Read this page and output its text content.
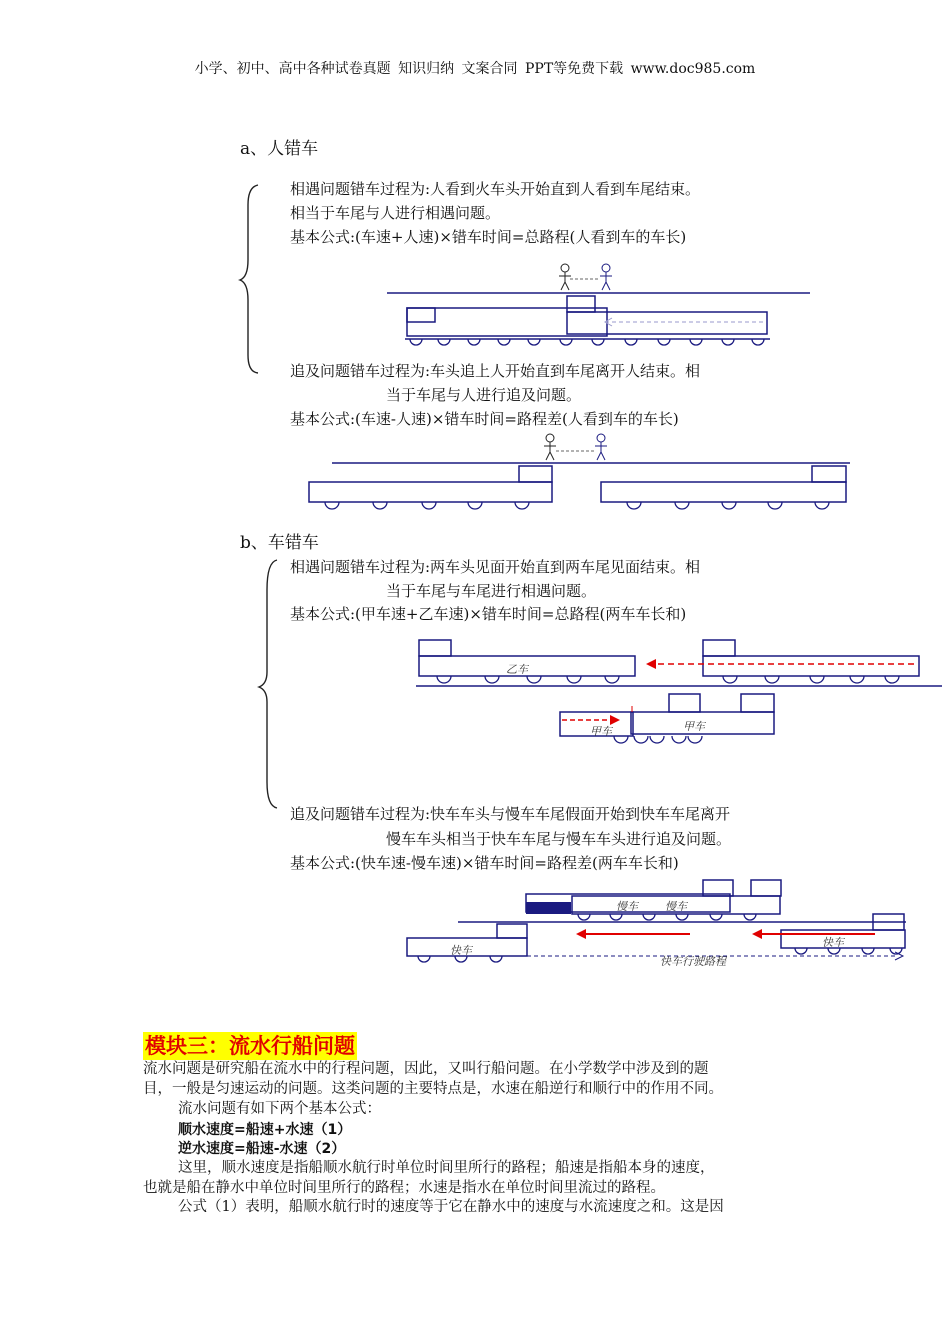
小学、初中、高中各种试卷真题 知识归纳 文案合同 PPT等免费下载 www.doc985.com
a、人错车
相遇问题错车过程为:人看到火车头开始直到人看到车尾结束。
相当于车尾与人进行相遇问题。
基本公式:(车速+人速)×错车时间=总路程(人看到车的车长)
追及问题错车过程为:车头追上人开始直到车尾离开人结束。相
当于车尾与人进行追及问题。
基本公式:(车速-人速)×错车时间=路程差(人看到车的车长)
b、车错车
相遇问题错车过程为:两车头见面开始直到两车尾见面结束。相
当于车尾与车尾进行相遇问题。
基本公式:(甲车速+乙车速)×错车时间=总路程(两车车长和)
追及问题错车过程为:快车车头与慢车车尾假面开始到快车车尾离开
慢车车头相当于快车车尾与慢车车头进行追及问题。
基本公式:(快车速-慢车速)×错车时间=路程差(两车车长和)
乙车
甲车	甲车
慢车 慢车
快车
快车
快车行驶路程
模块三：流水行船问题
流水问题是研究船在流水中的行程问题，因此，又叫行船问题。在小学数学中涉及到的题
目，一般是匀速运动的问题。这类问题的主要特点是，水速在船逆行和顺行中的作用不同。
流水问题有如下两个基本公式：
顺水速度=船速+水速（1）
逆水速度=船速-水速（2）
这里，顺水速度是指船顺水航行时单位时间里所行的路程；船速是指船本身的速度，
也就是船在静水中单位时间里所行的路程；水速是指水在单位时间里流过的路程。
公式（1）表明，船顺水航行时的速度等于它在静水中的速度与水流速度之和。这是因
